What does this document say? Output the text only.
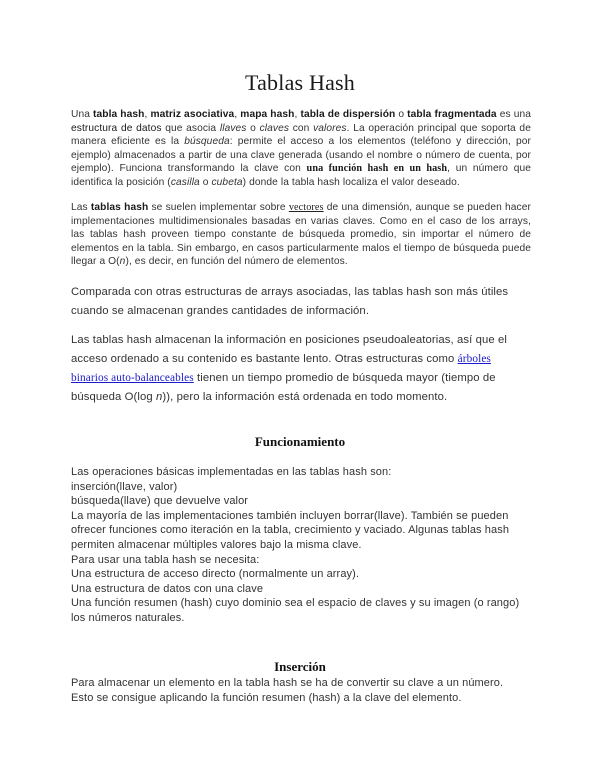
Tablas Hash
Una tabla hash, matriz asociativa, mapa hash, tabla de dispersión o tabla fragmentada es una estructura de datos que asocia llaves o claves con valores. La operación principal que soporta de manera eficiente es la búsqueda: permite el acceso a los elementos (teléfono y dirección, por ejemplo) almacenados a partir de una clave generada (usando el nombre o número de cuenta, por ejemplo). Funciona transformando la clave con una función hash en un hash, un número que identifica la posición (casilla o cubeta) donde la tabla hash localiza el valor deseado.
Las tablas hash se suelen implementar sobre vectores de una dimensión, aunque se pueden hacer implementaciones multidimensionales basadas en varias claves. Como en el caso de los arrays, las tablas hash proveen tiempo constante de búsqueda promedio, sin importar el número de elementos en la tabla. Sin embargo, en casos particularmente malos el tiempo de búsqueda puede llegar a O(n), es decir, en función del número de elementos.
Comparada con otras estructuras de arrays asociadas, las tablas hash son más útiles
cuando se almacenan grandes cantidades de información.
Las tablas hash almacenan la información en posiciones pseudoaleatorias, así que el
acceso ordenado a su contenido es bastante lento. Otras estructuras como árboles
binarios auto-balanceables tienen un tiempo promedio de búsqueda mayor (tiempo de
búsqueda O(log n)), pero la información está ordenada en todo momento.
Funcionamiento
Las operaciones básicas implementadas en las tablas hash son:
inserción(llave, valor)
búsqueda(llave) que devuelve valor
La mayoría de las implementaciones también incluyen borrar(llave). También se pueden
ofrecer funciones como iteración en la tabla, crecimiento y vaciado. Algunas tablas hash
permiten almacenar múltiples valores bajo la misma clave.
Para usar una tabla hash se necesita:
Una estructura de acceso directo (normalmente un array).
Una estructura de datos con una clave
Una función resumen (hash) cuyo dominio sea el espacio de claves y su imagen (o rango)
los números naturales.
Inserción
Para almacenar un elemento en la tabla hash se ha de convertir su clave a un número.
Esto se consigue aplicando la función resumen (hash) a la clave del elemento.
